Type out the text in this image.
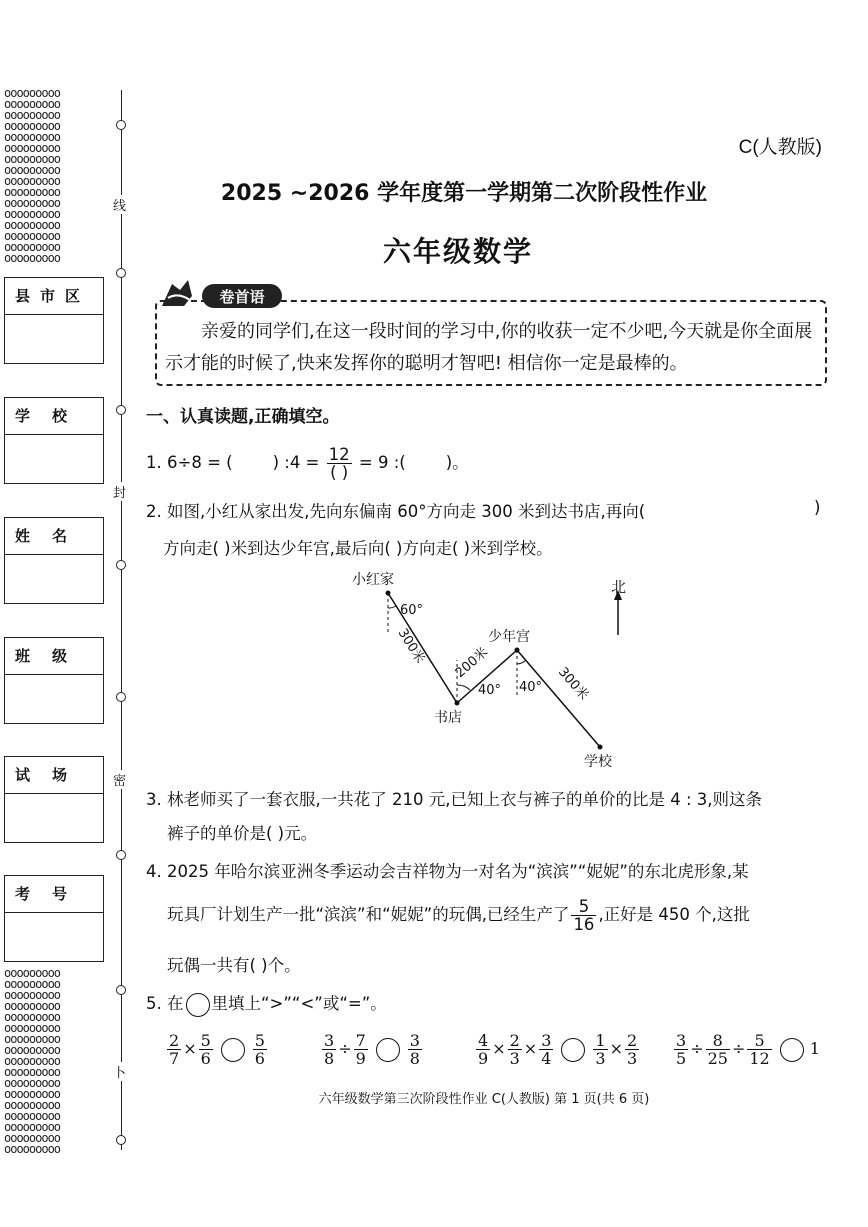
ooooooooo
ooooooooo
ooooooooo
ooooooooo
ooooooooo
ooooooooo
ooooooooo
ooooooooo
ooooooooo
ooooooooo
ooooooooo
ooooooooo
ooooooooo
ooooooooo
ooooooooo
ooooooooo
ooooooooo
ooooooooo
ooooooooo
ooooooooo
ooooooooo
ooooooooo
ooooooooo
ooooooooo
ooooooooo
ooooooooo
ooooooooo
ooooooooo
ooooooooo
ooooooooo
ooooooooo
ooooooooo
ooooooooo
线
封
密
卜
县市区
学校
姓名
班级
试场
考号
C(人教版)
2025 ~2026 学年度第一学期第二次阶段性作业
六年级数学
卷首语
亲爱的同学们,在这一段时间的学习中,你的收获一定不少吧,今天就是你全面展示才能的时候了,快来发挥你的聪明才智吧! 相信你一定是最棒的。
一、认真读题,正确填空。
1. 6÷8 = ( ) :4 = $\frac{12}{( )} = 9$ :( )。
2. 如图,小红从家出发,先向东偏南 60°方向走 300 米到达书店,再向(	)
方向走( )米到达少年宫,最后向( )方向走( )米到学校。
小红家
书店
少年宫
学校
60°
40° 40°
300米 200米
300米
北
3. 林老师买了一套衣服,一共花了 210 元,已知上衣与裤子的单价的比是 4 : 3,则这条
裤子的单价是( )元。
4. 2025 年哈尔滨亚洲冬季运动会吉祥物为一对名为“滨滨”“妮妮”的东北虎形象,某
玩具厂计划生产一批“滨滨”和“妮妮”的玩偶,已经生产了 $\frac{5}{16}$ ,正好是 450 个,这批
玩偶一共有( )个。
5. 在 里填上“>”“<”或“=”。
$\frac{2}{7} \times \frac{5}{6}$	$\frac{5}{6}$	$\frac{3}{8} \div \frac{7}{9}$	$\frac{3}{8}$	$\frac{4}{9} \times \frac{2}{3} \times \frac{3}{4}$	$\frac{1}{3} \times \frac{2}{3} \frac{3}{5} \div \frac{8}{25} \div \frac{5}{12} 1$
六年级数学第三次阶段性作业 C(人教版) 第 1 页(共 6 页)
